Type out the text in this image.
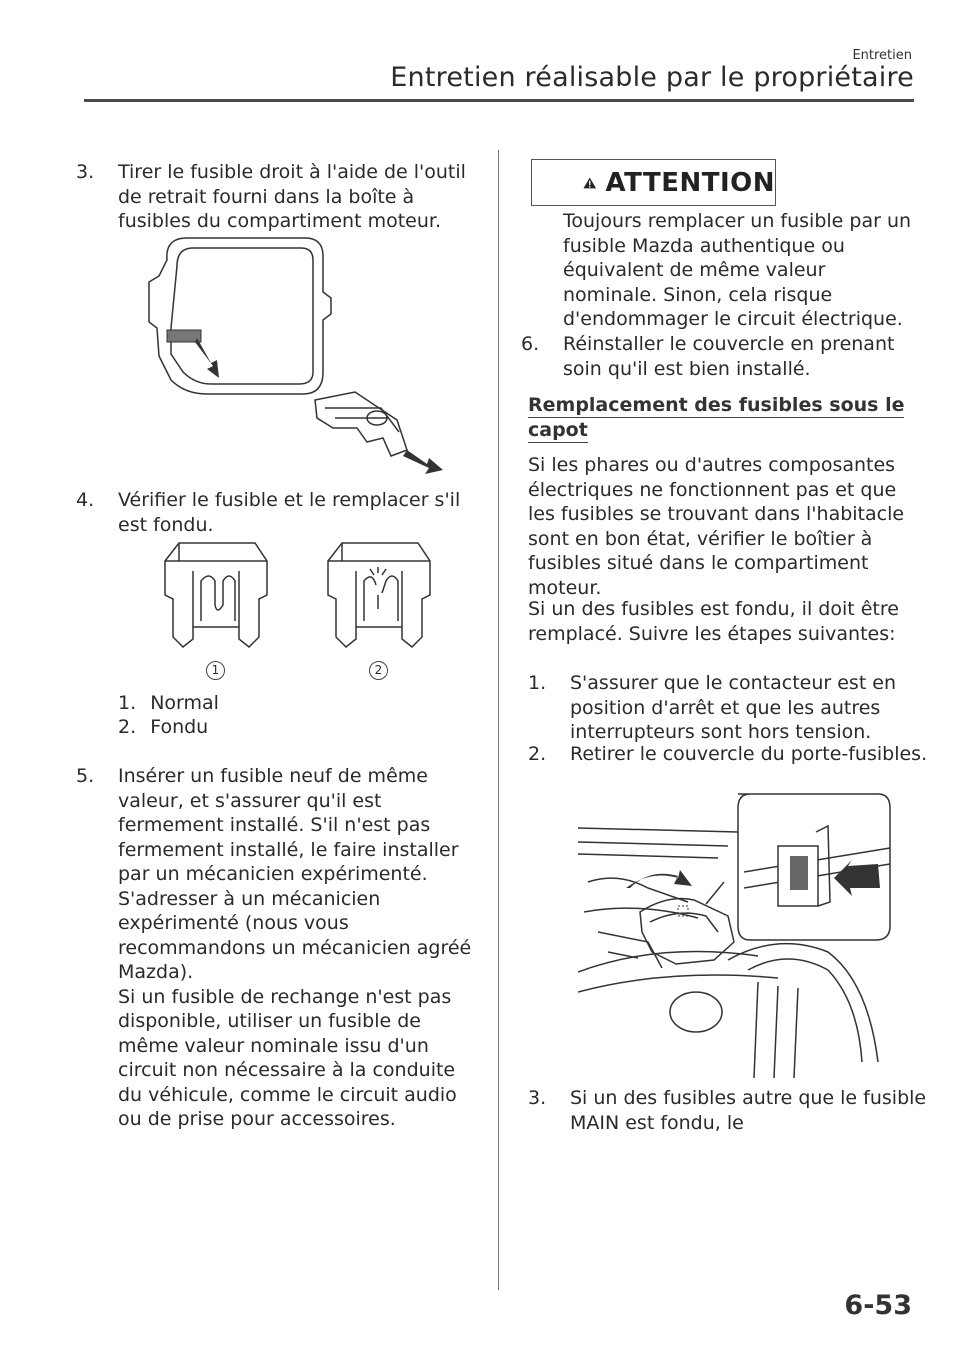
Entretien
Entretien réalisable par le propriétaire
3.	Tirer le fusible droit à l'aide de l'outil de retrait fourni dans la boîte à fusibles du compartiment moteur.
4.	Vérifier le fusible et le remplacer s'il est fondu.
1	2
1. Normal
2. Fondu
5.	Insérer un fusible neuf de même valeur, et s'assurer qu'il est fermement installé. S'il n'est pas fermement installé, le faire installer par un mécanicien expérimenté. S'adresser à un mécanicien expérimenté (nous vous recommandons un mécanicien agréé Mazda).
Si un fusible de rechange n'est pas disponible, utiliser un fusible de même valeur nominale issu d'un circuit non nécessaire à la conduite du véhicule, comme le circuit audio ou de prise pour accessoires.
ATTENTION
Toujours remplacer un fusible par un fusible Mazda authentique ou équivalent de même valeur nominale. Sinon, cela risque d'endommager le circuit électrique.
6.	Réinstaller le couvercle en prenant soin qu'il est bien installé.
Remplacement des fusibles sous le
capot
Si les phares ou d'autres composantes électriques ne fonctionnent pas et que les fusibles se trouvant dans l'habitacle sont en bon état, vérifier le boîtier à fusibles situé dans le compartiment moteur.
Si un des fusibles est fondu, il doit être remplacé. Suivre les étapes suivantes:
1.	S'assurer que le contacteur est en position d'arrêt et que les autres interrupteurs sont hors tension.
2.	Retirer le couvercle du porte-fusibles.
3.	Si un des fusibles autre que le fusible MAIN est fondu, le
6-53
